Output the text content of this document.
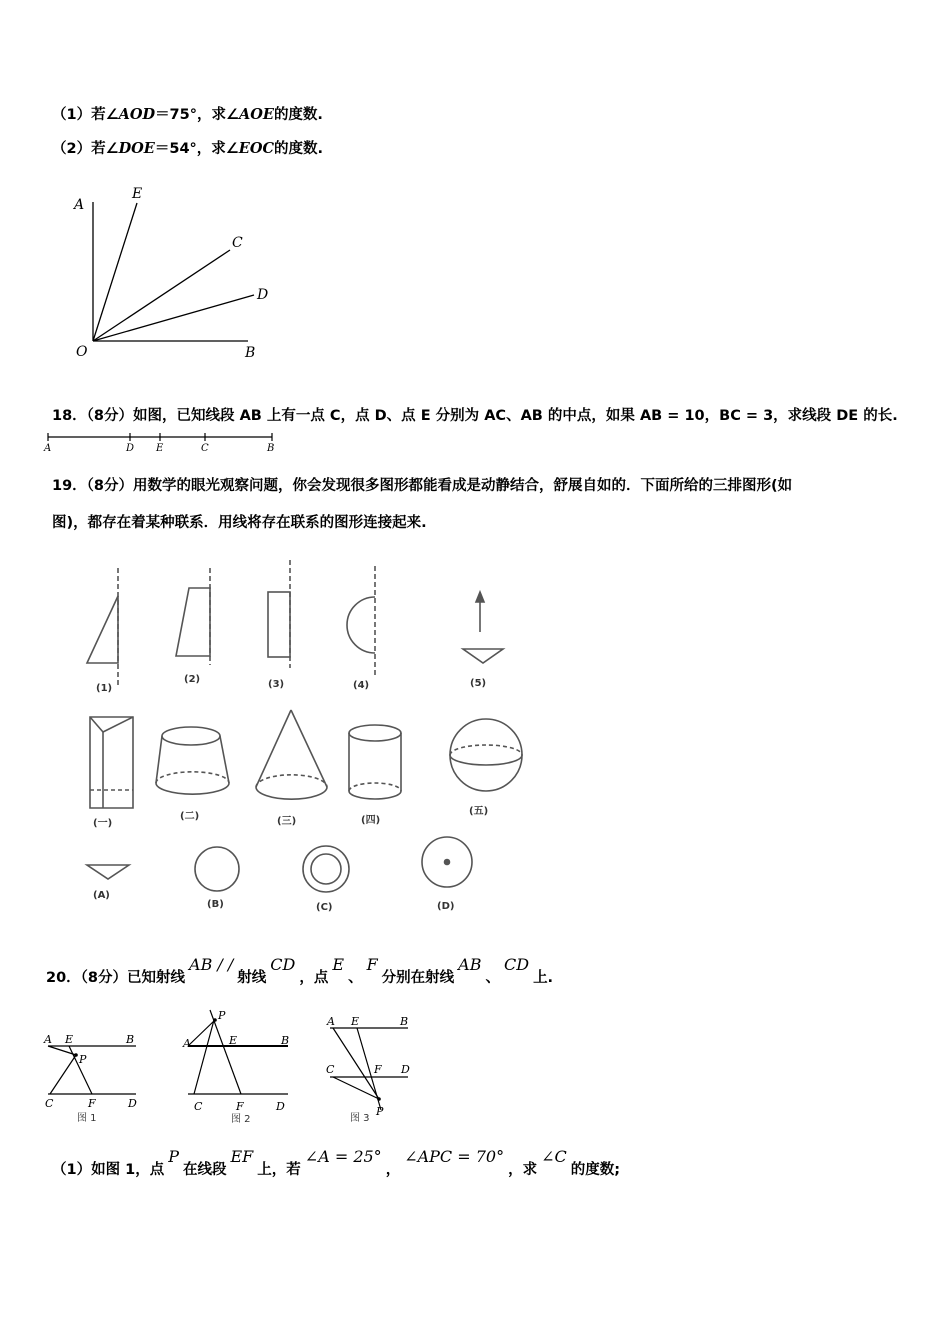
（1）若∠AOD＝75°，求∠AOE的度数.
（2）若∠DOE＝54°，求∠EOC的度数.
A
E
C
D
O	B
18．（8分）如图，已知线段 AB 上有一点 C，点 D、点 E 分别为 AC、AB 的中点，如果 AB = 10，BC = 3，求线段 DE 的长.
A	D E	C	B
19．（8分）用数学的眼光观察问题，你会发现很多图形都能看成是动静结合，舒展自如的．下面所给的三排图形(如
图)，都存在着某种联系．用线将存在联系的图形连接起来.
(1)
(2)	(3)	(4)	(5)
(一)
(二)	(三)	(四)
(五)
(A)
(B)	(C)	(D)
20．（8分）已知射线AB / /射线CD，点E、F分别在射线AB、CD上.
A E	B
P
C	F	D
P
A	E	B
C	F	D
A E	B
C	F D
P
图 1	图 2	图 3
（1）如图 1，点P在线段EF上，若∠A = 25°，∠APC = 70°，求∠C的度数;
